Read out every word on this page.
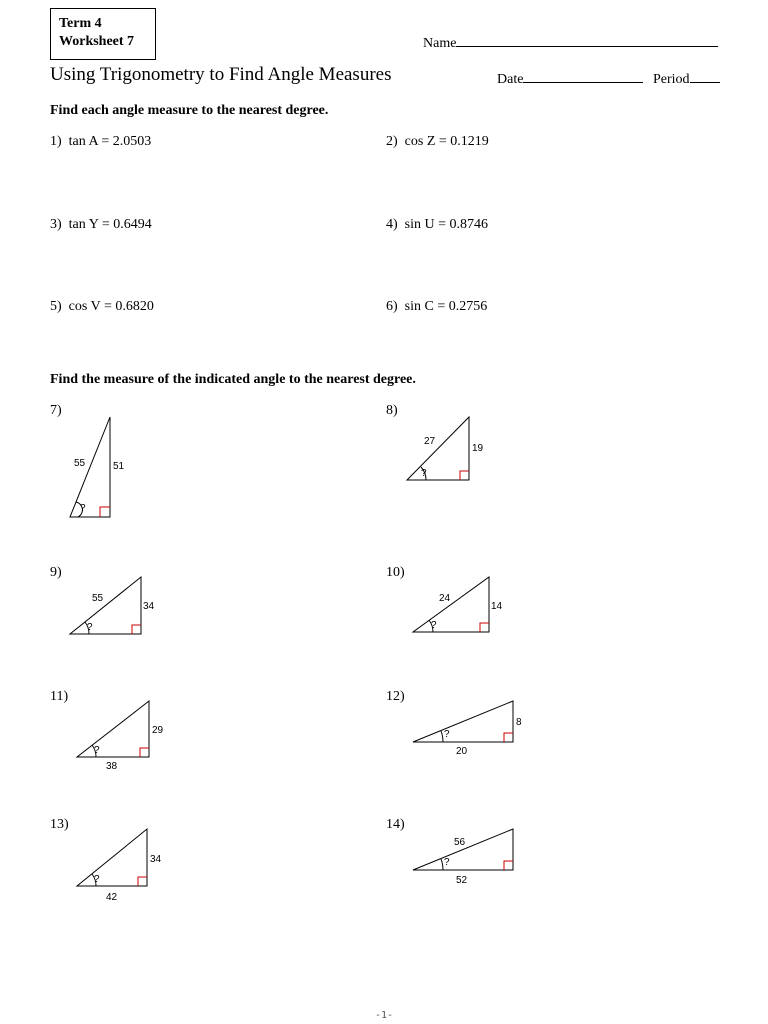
Term 4
Worksheet 7	Name
Using Trigonometry to Find Angle Measures	Date	Period
Find each angle measure to the nearest degree.
1) tan A = 2.0503	2) cos Z = 0.1219
3) tan Y = 0.6494	4) sin U = 0.8746
5) cos V = 0.6820	6) sin C = 0.2756
Find the measure of the indicated angle to the nearest degree.
7)
?
55	51
8)
?
27
19
9)
?
55
34
10)
?
24
14
11)
?
29
38
12)
?
8
20
13)
?
34
42
14)
?
56
52
-1-
